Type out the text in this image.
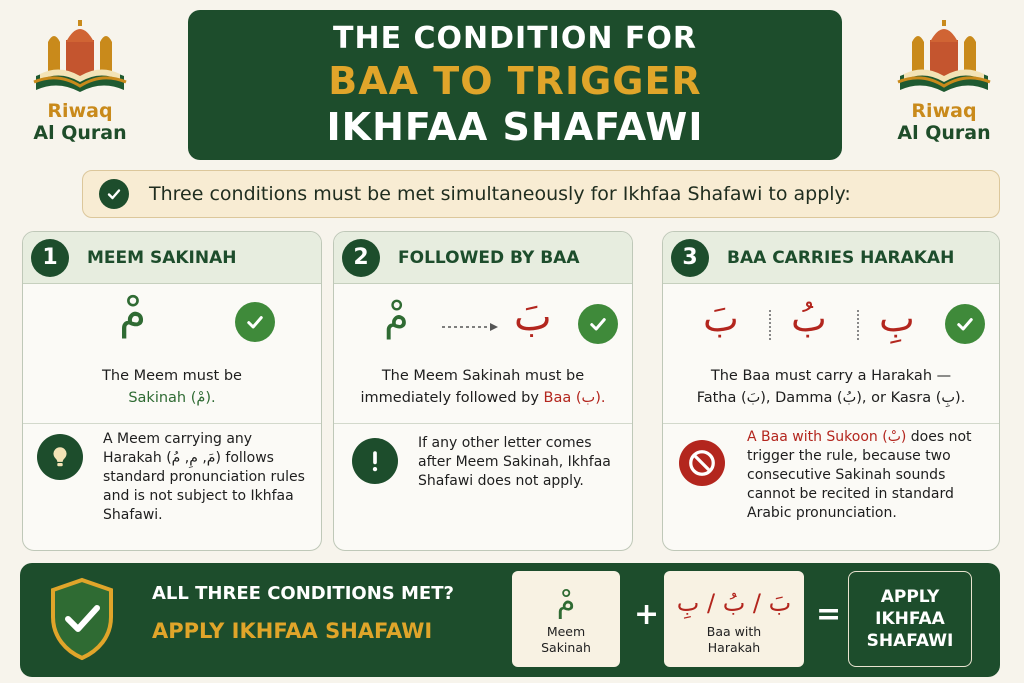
Riwaq
Al Quran
Riwaq
Al Quran
THE CONDITION FOR
BAA TO TRIGGER
IKHFAA SHAFAWI
Three conditions must be met simultaneously for Ikhfaa Shafawi to apply:
1	MEEM SAKINAH
مْ
The Meem must be
Sakinah (مْ).
A Meem carrying any Harakah (مَ, مِ, مُ) follows standard pronunciation rules and is not subject to Ikhfaa Shafawi.
2	FOLLOWED BY BAA
مْ	بَ
The Meem Sakinah must be
immediately followed by Baa (ب).
If any other letter comes after Meem Sakinah, Ikhfaa Shafawi does not apply.
3	BAA CARRIES HARAKAH
بَ بُ بِ
The Baa must carry a Harakah —
Fatha (بَ), Damma (بُ), or Kasra (بِ).
A Baa with Sukoon (بْ) does not trigger the rule, because two consecutive Sakinah sounds cannot be recited in standard Arabic pronunciation.
ALL THREE CONDITIONS MET?
APPLY IKHFAA SHAFAWI
مْ
Meem
Sakinah
+ بَ / بُ / بِ
Baa with
Harakah
=	APPLY
IKHFAA
SHAFAWI
